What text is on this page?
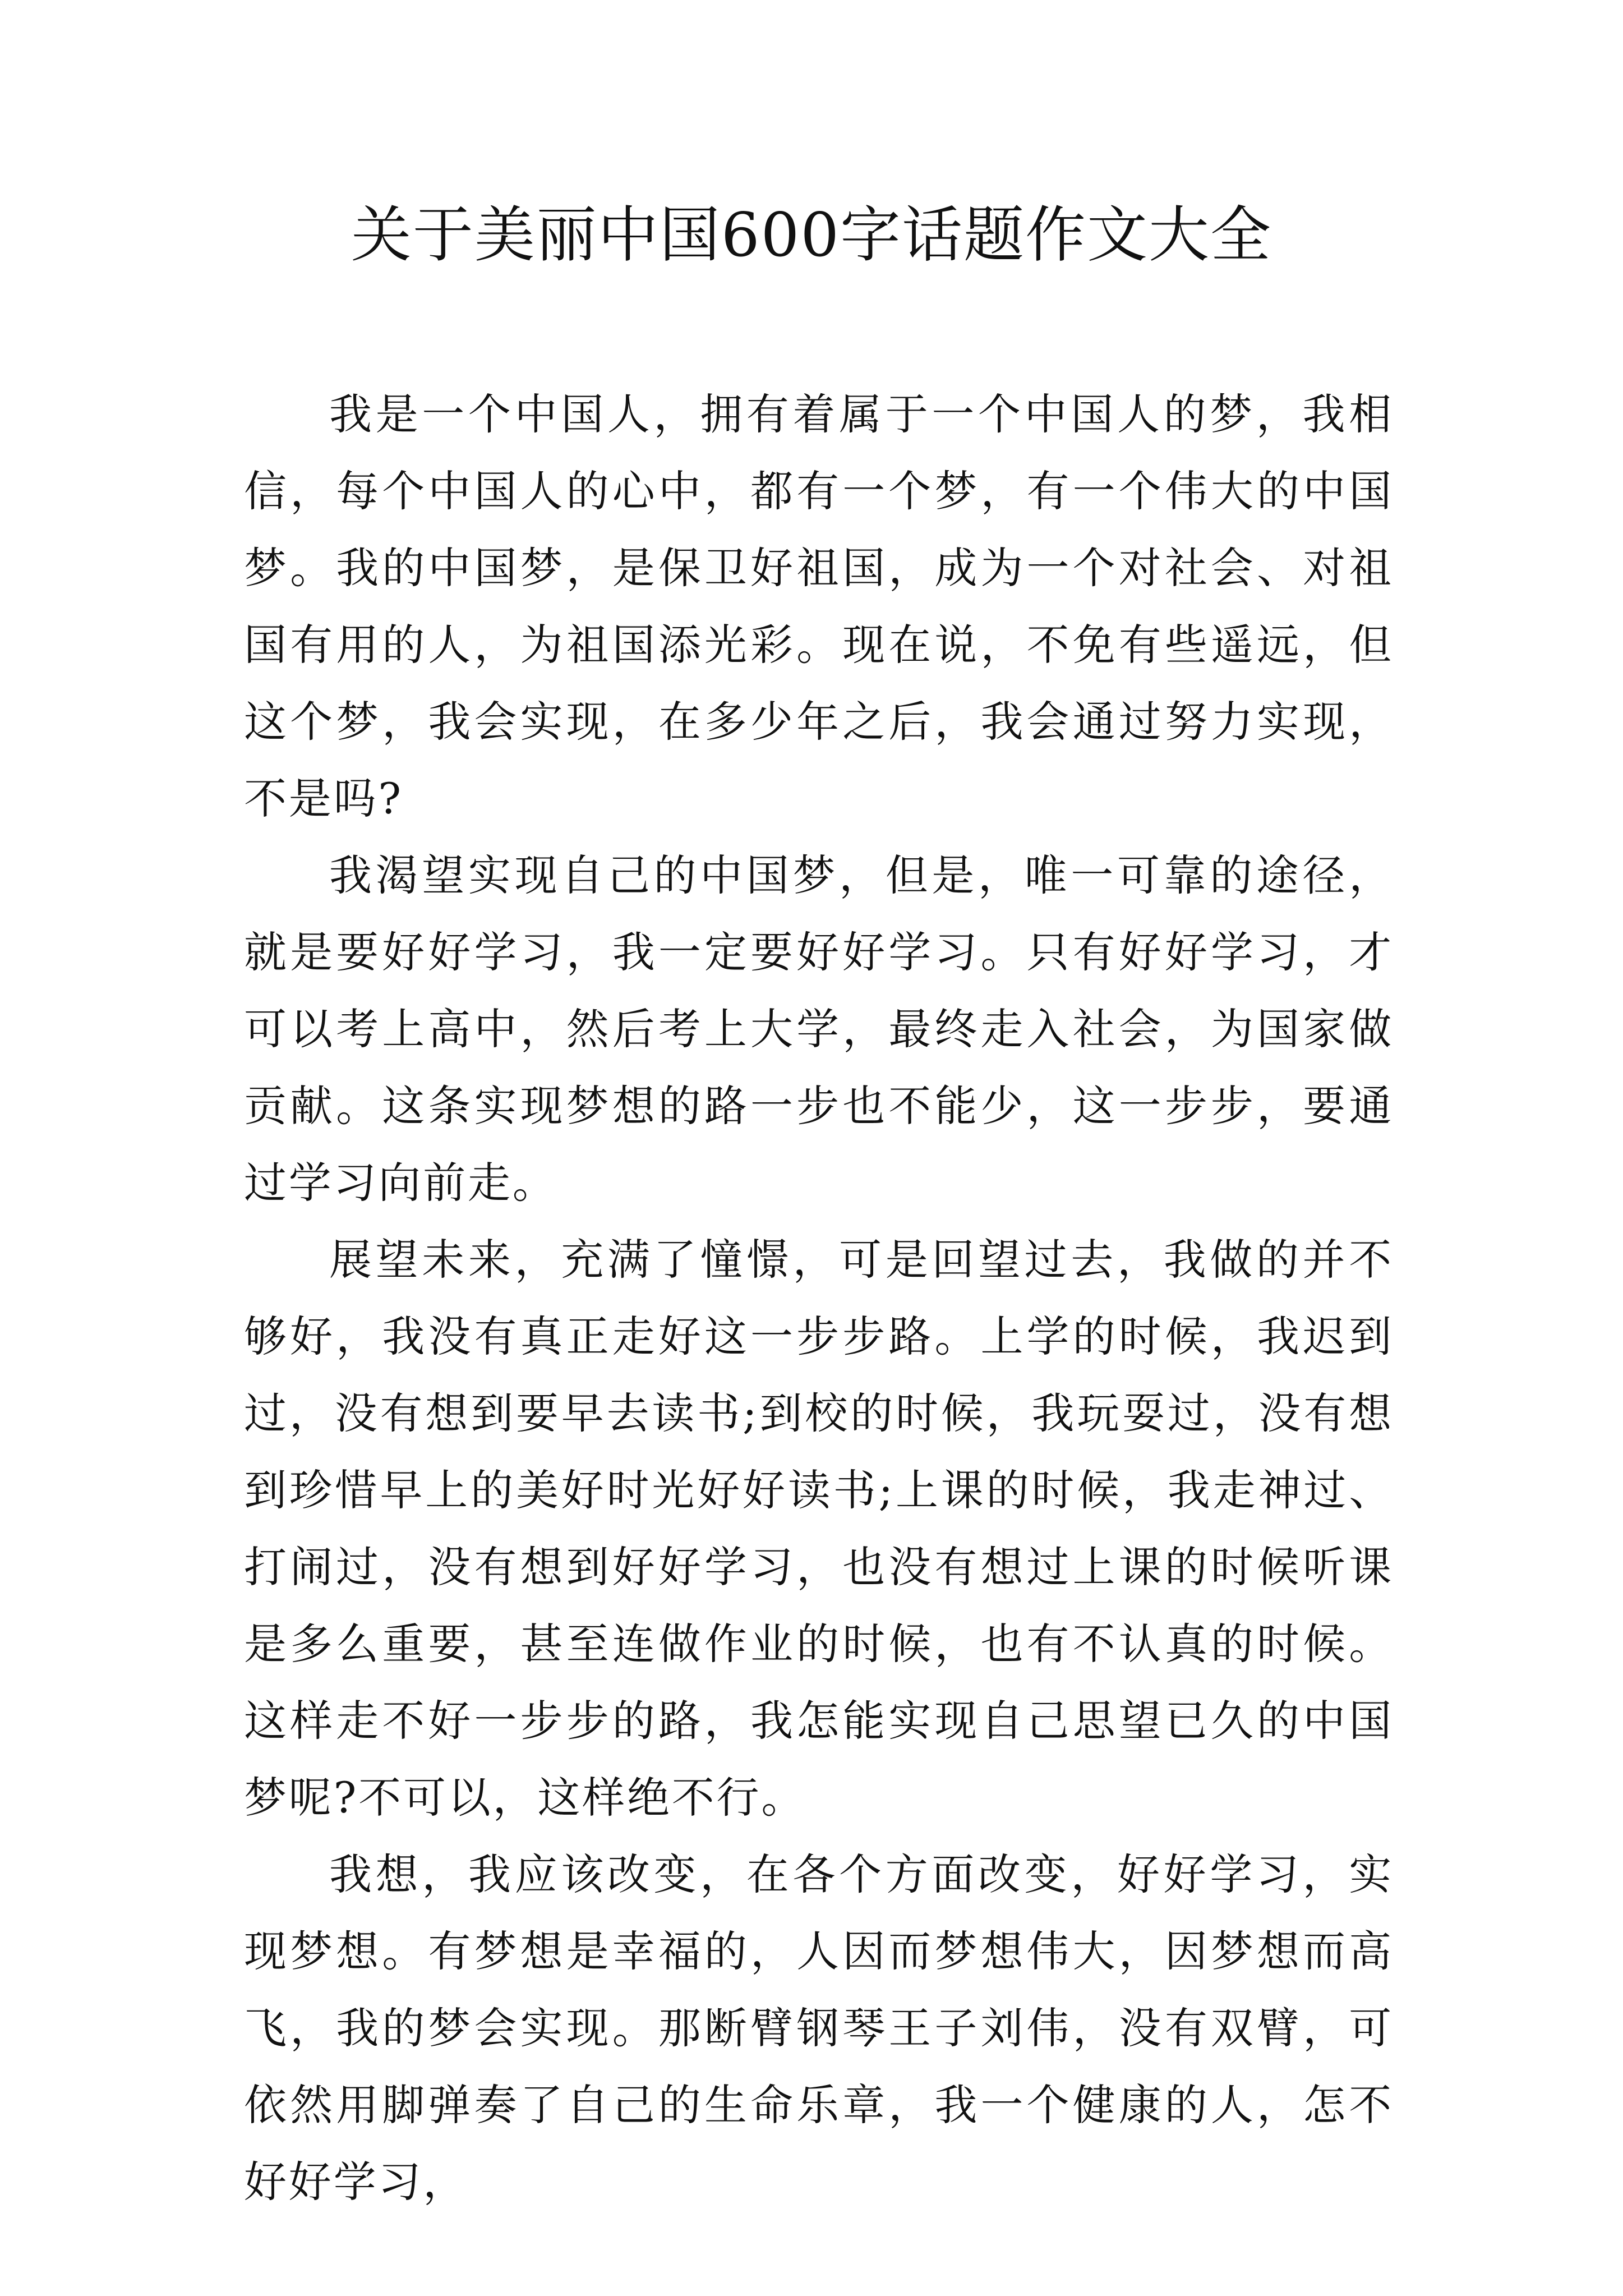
关于美丽中国600字话题作文大全

我是一个中国人，拥有着属于一个中国人的梦，我相信，每个中国人的心中，都有一个梦，有一个伟大的中国梦。我的中国梦，是保卫好祖国，成为一个对社会、对祖国有用的人，为祖国添光彩。现在说，不免有些遥远，但这个梦，我会实现，在多少年之后，我会通过努力实现，不是吗?

我渴望实现自己的中国梦，但是，唯一可靠的途径，就是要好好学习，我一定要好好学习。只有好好学习，才可以考上高中，然后考上大学，最终走入社会，为国家做贡献。这条实现梦想的路一步也不能少，这一步步，要通过学习向前走。

展望未来，充满了憧憬，可是回望过去，我做的并不够好，我没有真正走好这一步步路。上学的时候，我迟到过，没有想到要早去读书;到校的时候，我玩耍过，没有想到珍惜早上的美好时光好好读书;上课的时候，我走神过、打闹过，没有想到好好学习，也没有想过上课的时候听课是多么重要，甚至连做作业的时候，也有不认真的时候。这样走不好一步步的路，我怎能实现自己思望已久的中国梦呢?不可以，这样绝不行。

我想，我应该改变，在各个方面改变，好好学习，实现梦想。有梦想是幸福的，人因而梦想伟大，因梦想而高飞，我的梦会实现。那断臂钢琴王子刘伟，没有双臂，可依然用脚弹奏了自己的生命乐章，我一个健康的人，怎不好好学习，
